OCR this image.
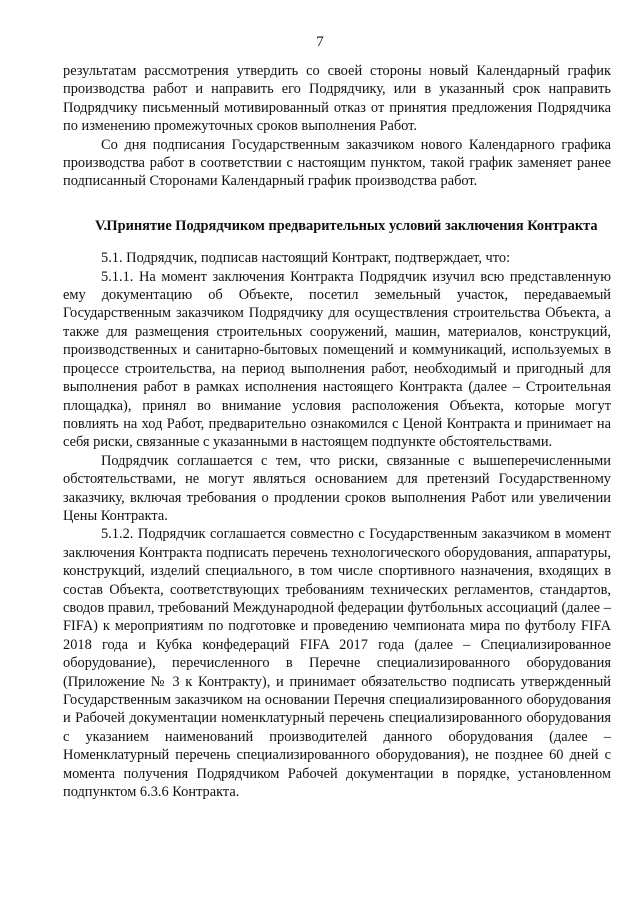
7

результатам рассмотрения утвердить со своей стороны новый Календарный график производства работ и направить его Подрядчику, или в указанный срок направить Подрядчику письменный мотивированный отказ от принятия предложения Подрядчика по изменению промежуточных сроков выполнения Работ.

Со дня подписания Государственным заказчиком нового Календарного графика производства работ в соответствии с настоящим пунктом, такой график заменяет ранее подписанный Сторонами Календарный график производства работ.

V. Принятие Подрядчиком предварительных условий заключения Контракта

5.1. Подрядчик, подписав настоящий Контракт, подтверждает, что:

5.1.1. На момент заключения Контракта Подрядчик изучил всю представленную ему документацию об Объекте, посетил земельный участок, передаваемый Государственным заказчиком Подрядчику для осуществления строительства Объекта, а также для размещения строительных сооружений, машин, материалов, конструкций, производственных и санитарно-бытовых помещений и коммуникаций, используемых в процессе строительства, на период выполнения работ, необходимый и пригодный для выполнения работ в рамках исполнения настоящего Контракта (далее – Строительная площадка), принял во внимание условия расположения Объекта, которые могут повлиять на ход Работ, предварительно ознакомился с Ценой Контракта и принимает на себя риски, связанные с указанными в настоящем подпункте обстоятельствами.

Подрядчик соглашается с тем, что риски, связанные с вышеперечисленными обстоятельствами, не могут являться основанием для претензий Государственному заказчику, включая требования о продлении сроков выполнения Работ или увеличении Цены Контракта.

5.1.2. Подрядчик соглашается совместно с Государственным заказчиком в момент заключения Контракта подписать перечень технологического оборудования, аппаратуры, конструкций, изделий специального, в том числе спортивного назначения, входящих в состав Объекта, соответствующих требованиям технических регламентов, стандартов, сводов правил, требований Международной федерации футбольных ассоциаций (далее – FIFA) к мероприятиям по подготовке и проведению чемпионата мира по футболу FIFA 2018 года и Кубка конфедераций FIFA 2017 года (далее – Специализированное оборудование), перечисленного в Перечне специализированного оборудования (Приложение № 3 к Контракту), и принимает обязательство подписать утвержденный Государственным заказчиком на основании Перечня специализированного оборудования и Рабочей документации номенклатурный перечень специализированного оборудования с указанием наименований производителей данного оборудования (далее – Номенклатурный перечень специализированного оборудования), не позднее 60 дней с момента получения Подрядчиком Рабочей документации в порядке, установленном подпунктом 6.3.6 Контракта.
